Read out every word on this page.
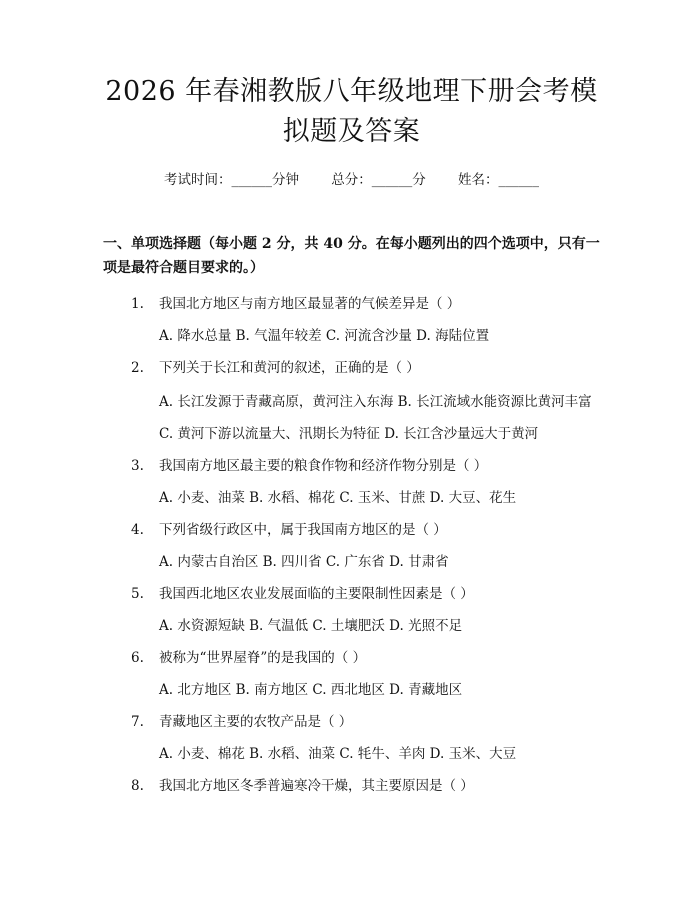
2026 年春湘教版八年级地理下册会考模拟题及答案
考试时间：______分钟 总分：______分 姓名：______
一、单项选择题（每小题 2 分，共 40 分。在每小题列出的四个选项中，只有一项是最符合题目要求的。）
1. 我国北方地区与南方地区最显著的气候差异是（ ）
A. 降水总量 B. 气温年较差 C. 河流含沙量 D. 海陆位置
2. 下列关于长江和黄河的叙述，正确的是（ ）
A. 长江发源于青藏高原，黄河注入东海 B. 长江流域水能资源比黄河丰富
C. 黄河下游以流量大、汛期长为特征 D. 长江含沙量远大于黄河
3. 我国南方地区最主要的粮食作物和经济作物分别是（ ）
A. 小麦、油菜 B. 水稻、棉花 C. 玉米、甘蔗 D. 大豆、花生
4. 下列省级行政区中，属于我国南方地区的是（ ）
A. 内蒙古自治区 B. 四川省 C. 广东省 D. 甘肃省
5. 我国西北地区农业发展面临的主要限制性因素是（ ）
A. 水资源短缺 B. 气温低 C. 土壤肥沃 D. 光照不足
6. 被称为“世界屋脊”的是我国的（ ）
A. 北方地区 B. 南方地区 C. 西北地区 D. 青藏地区
7. 青藏地区主要的农牧产品是（ ）
A. 小麦、棉花 B. 水稻、油菜 C. 牦牛、羊肉 D. 玉米、大豆
8. 我国北方地区冬季普遍寒冷干燥，其主要原因是（ ）
